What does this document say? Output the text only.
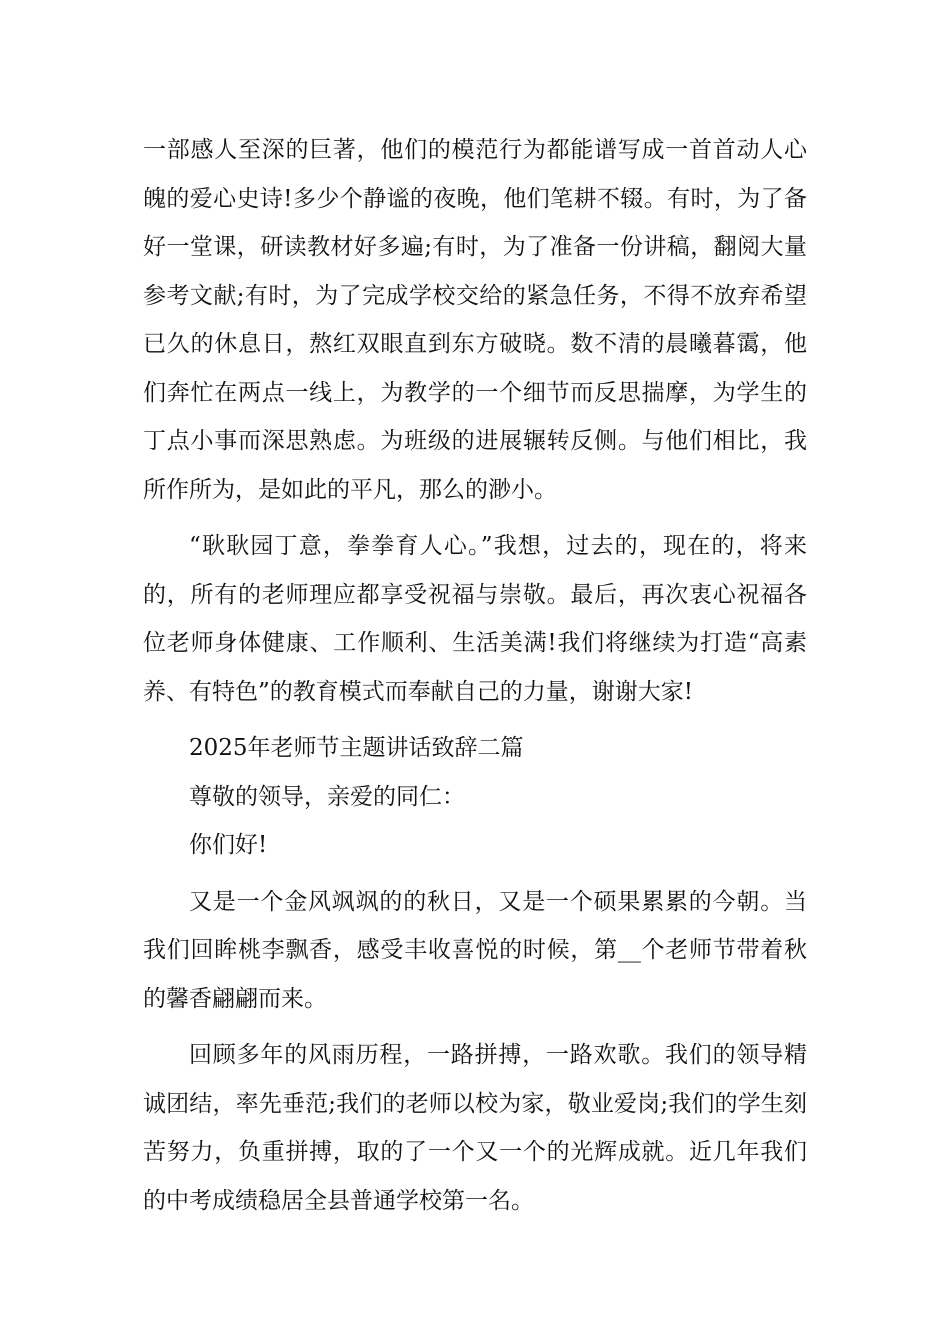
一部感人至深的巨著，他们的模范行为都能谱写成一首首动人心魄的爱心史诗!多少个静谧的夜晚，他们笔耕不辍。有时，为了备好一堂课，研读教材好多遍;有时，为了准备一份讲稿，翻阅大量参考文献;有时，为了完成学校交给的紧急任务，不得不放弃希望已久的休息日，熬红双眼直到东方破晓。数不清的晨曦暮霭，他们奔忙在两点一线上，为教学的一个细节而反思揣摩，为学生的丁点小事而深思熟虑。为班级的进展辗转反侧。与他们相比，我所作所为，是如此的平凡，那么的渺小。

“耿耿园丁意，拳拳育人心。”我想，过去的，现在的，将来的，所有的老师理应都享受祝福与崇敬。最后，再次衷心祝福各位老师身体健康、工作顺利、生活美满!我们将继续为打造“高素养、有特色”的教育模式而奉献自己的力量，谢谢大家!

2025年老师节主题讲话致辞二篇

尊敬的领导，亲爱的同仁：

你们好!

又是一个金风飒飒的的秋日，又是一个硕果累累的今朝。当我们回眸桃李飘香，感受丰收喜悦的时候，第__个老师节带着秋的馨香翩翩而来。

回顾多年的风雨历程，一路拼搏，一路欢歌。我们的领导精诚团结，率先垂范;我们的老师以校为家，敬业爱岗;我们的学生刻苦努力，负重拼搏，取的了一个又一个的光辉成就。近几年我们的中考成绩稳居全县普通学校第一名。
